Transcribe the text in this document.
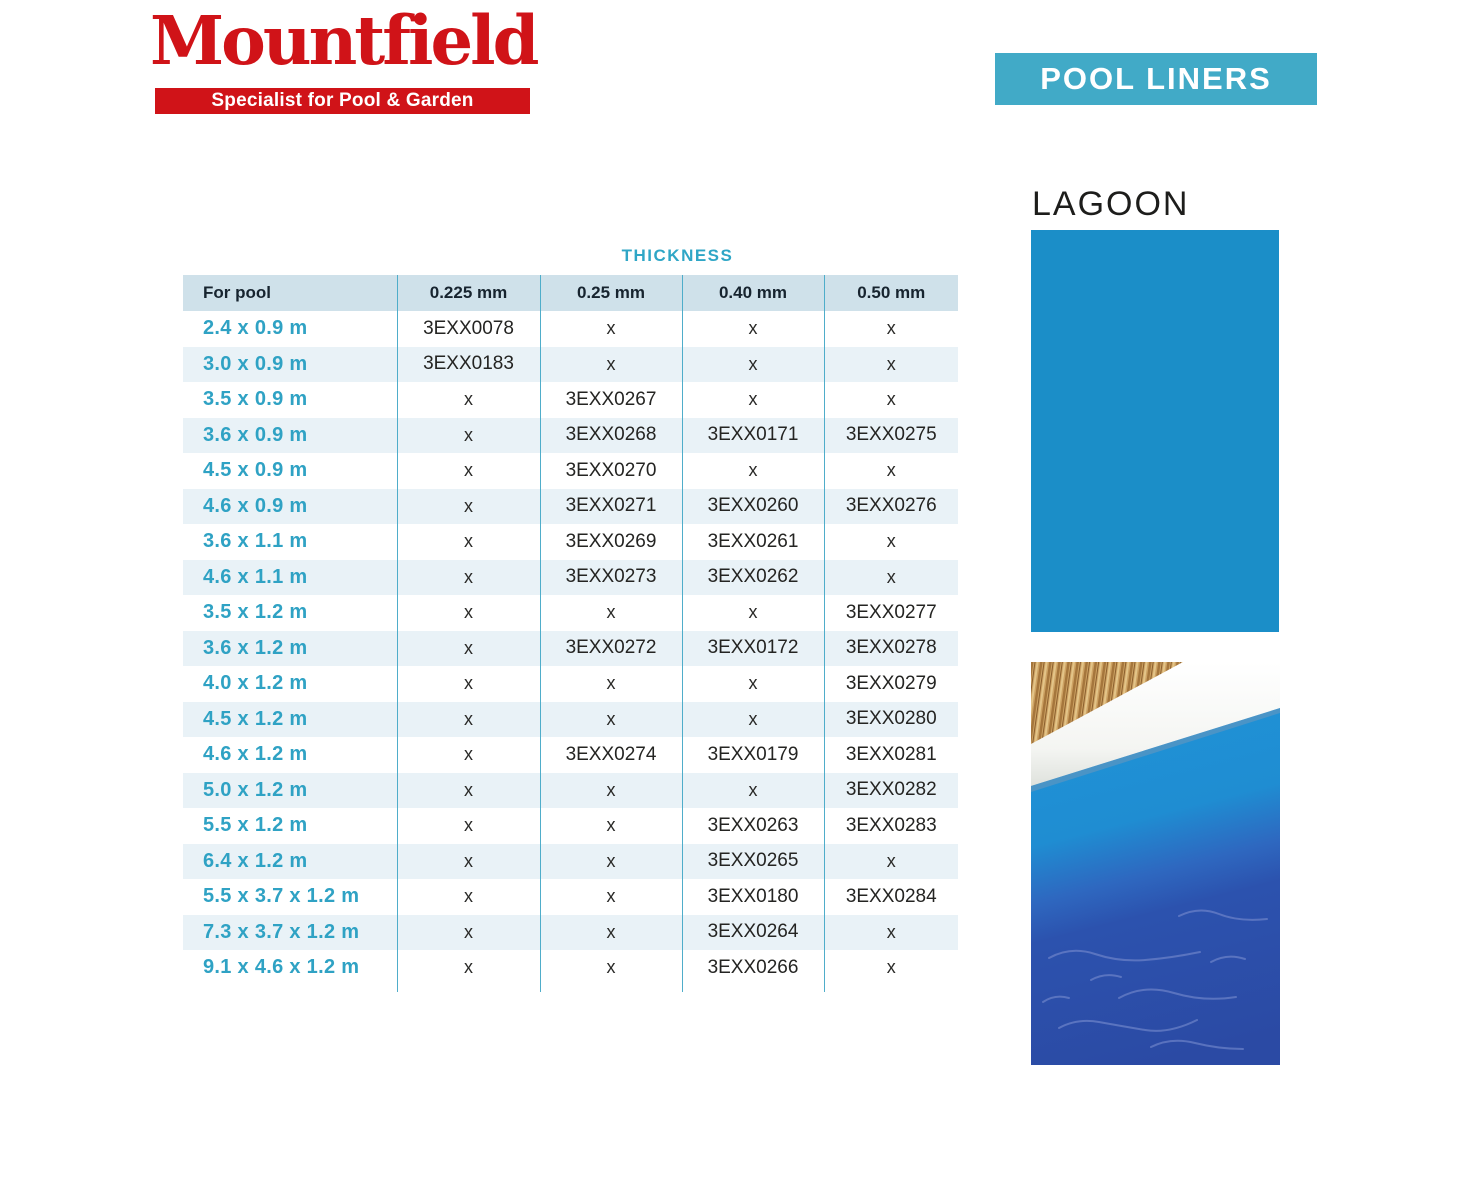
Mountfield
Specialist for Pool & Garden
POOL LINERS
LAGOON
THICKNESS
For pool	0.225 mm	0.25 mm	0.40 mm	0.50 mm
2.4 x 0.9 m	3EXX0078	x	x	x
3.0 x 0.9 m	3EXX0183	x	x	x
3.5 x 0.9 m	x	3EXX0267	x	x
3.6 x 0.9 m	x	3EXX0268	3EXX0171	3EXX0275
4.5 x 0.9 m	x	3EXX0270	x	x
4.6 x 0.9 m	x	3EXX0271	3EXX0260	3EXX0276
3.6 x 1.1 m	x	3EXX0269	3EXX0261	x
4.6 x 1.1 m	x	3EXX0273	3EXX0262	x
3.5 x 1.2 m	x	x	x	3EXX0277
3.6 x 1.2 m	x	3EXX0272	3EXX0172	3EXX0278
4.0 x 1.2 m	x	x	x	3EXX0279
4.5 x 1.2 m	x	x	x	3EXX0280
4.6 x 1.2 m	x	3EXX0274	3EXX0179	3EXX0281
5.0 x 1.2 m	x	x	x	3EXX0282
5.5 x 1.2 m	x	x	3EXX0263	3EXX0283
6.4 x 1.2 m	x	x	3EXX0265	x
5.5 x 3.7 x 1.2 m	x	x	3EXX0180	3EXX0284
7.3 x 3.7 x 1.2 m	x	x	3EXX0264	x
9.1 x 4.6 x 1.2 m	x	x	3EXX0266	x
